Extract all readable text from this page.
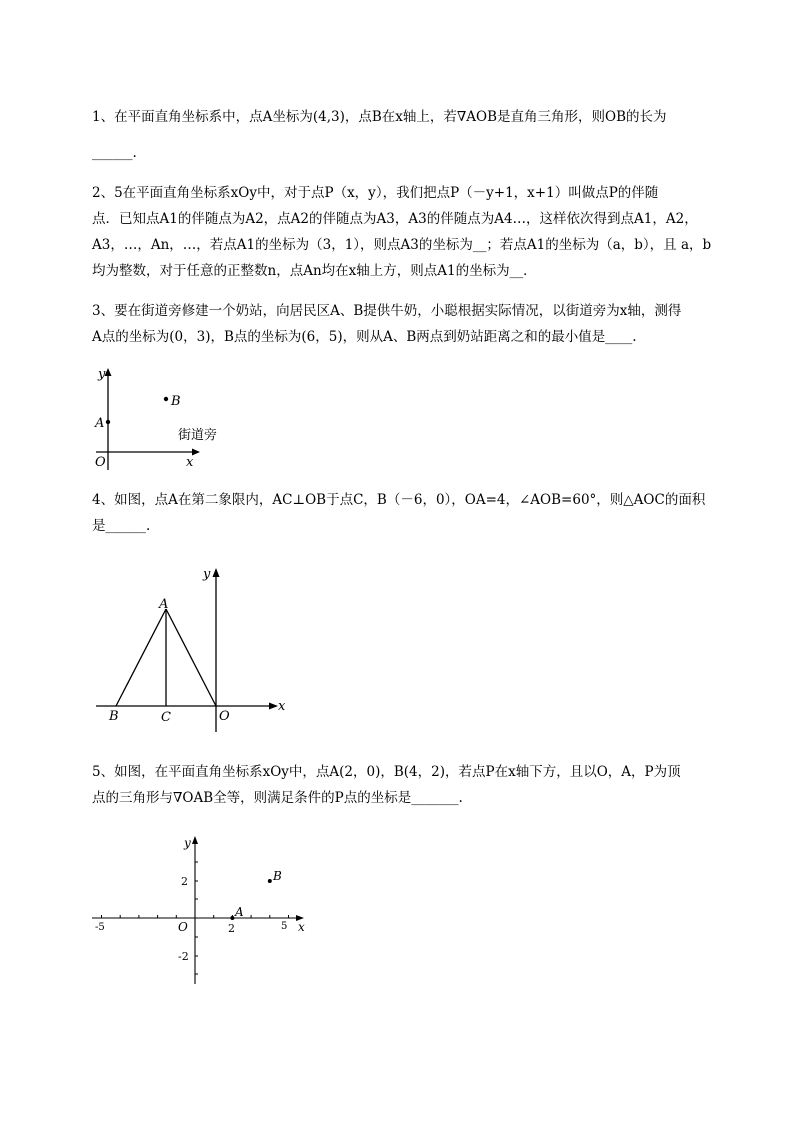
1、在平面直角坐标系中，点A坐标为(4,3)，点B在x轴上，若∇AOB是直角三角形，则OB的长为

______.

2、5在平面直角坐标系xOy中，对于点P（x，y），我们把点P（－y+1，x+1）叫做点P的伴随

点．已知点A1的伴随点为A2，点A2的伴随点为A3，A3的伴随点为A4…，这样依次得到点A1，A2，

A3，…，An，…，若点A1的坐标为（3，1），则点A3的坐标为__；若点A1的坐标为（a，b），且 a，b

均为整数，对于任意的正整数n，点An均在x轴上方，则点A1的坐标为__．

3、要在街道旁修建一个奶站，向居民区A、B提供牛奶，小聪根据实际情况，以街道旁为x轴，测得

A点的坐标为(0，3)，B点的坐标为(6，5)，则从A、B两点到奶站距离之和的最小值是____.

y
A
B
街道旁
O	x

4、如图，点A在第二象限内，AC⊥OB于点C，B（－6，0），OA=4，∠AOB=60°，则△AOC的面积

是______.

y
A
B	C	O
x

5、如图，在平面直角坐标系xOy中，点A(2，0)，B(4，2)，若点P在x轴下方，且以O，A，P为顶

点的三角形与∇OAB全等，则满足条件的P点的坐标是_______.

y
B
A
O	x
-5	2	5
2
-2
